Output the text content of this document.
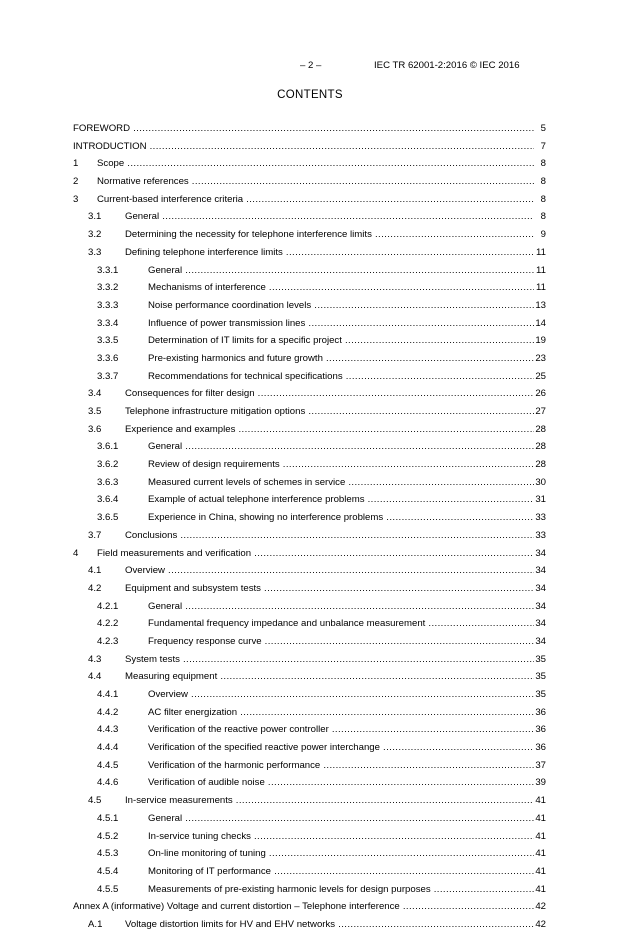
– 2 –	IEC TR 62001-2:2016 © IEC 2016
CONTENTS
FOREWORD .....	5
INTRODUCTION .....	7
1 Scope .....	8
2 Normative references .....	8
3 Current-based interference criteria .....	8
3.1 General .....	8
3.2 Determining the necessity for telephone interference limits .....	9
3.3 Defining telephone interference limits .....	11
3.3.1	General .....	11
3.3.2	Mechanisms of interference .....	11
3.3.3	Noise performance coordination levels .....	13
3.3.4	Influence of power transmission lines .....	14
3.3.5	Determination of IT limits for a specific project .....	19
3.3.6	Pre-existing harmonics and future growth .....	23
3.3.7	Recommendations for technical specifications .....	25
3.4 Consequences for filter design .....	26
3.5 Telephone infrastructure mitigation options .....	27
3.6 Experience and examples .....	28
3.6.1	General .....	28
3.6.2	Review of design requirements .....	28
3.6.3	Measured current levels of schemes in service .....	30
3.6.4	Example of actual telephone interference problems .....	31
3.6.5	Experience in China, showing no interference problems .....	33
3.7 Conclusions .....	33
4 Field measurements and verification .....	34
4.1 Overview .....	34
4.2 Equipment and subsystem tests .....	34
4.2.1	General .....	34
4.2.2	Fundamental frequency impedance and unbalance measurement .....	34
4.2.3	Frequency response curve .....	34
4.3 System tests .....	35
4.4 Measuring equipment .....	35
4.4.1	Overview .....	35
4.4.2	AC filter energization .....	36
4.4.3	Verification of the reactive power controller .....	36
4.4.4	Verification of the specified reactive power interchange .....	36
4.4.5	Verification of the harmonic performance .....	37
4.4.6	Verification of audible noise .....	39
4.5 In-service measurements .....	41
4.5.1	General .....	41
4.5.2	In-service tuning checks .....	41
4.5.3	On-line monitoring of tuning .....	41
4.5.4	Monitoring of IT performance .....	41
4.5.5	Measurements of pre-existing harmonic levels for design purposes .....	41
Annex A (informative) Voltage and current distortion – Telephone interference .....	42
A.1 Voltage distortion limits for HV and EHV networks .....	42
